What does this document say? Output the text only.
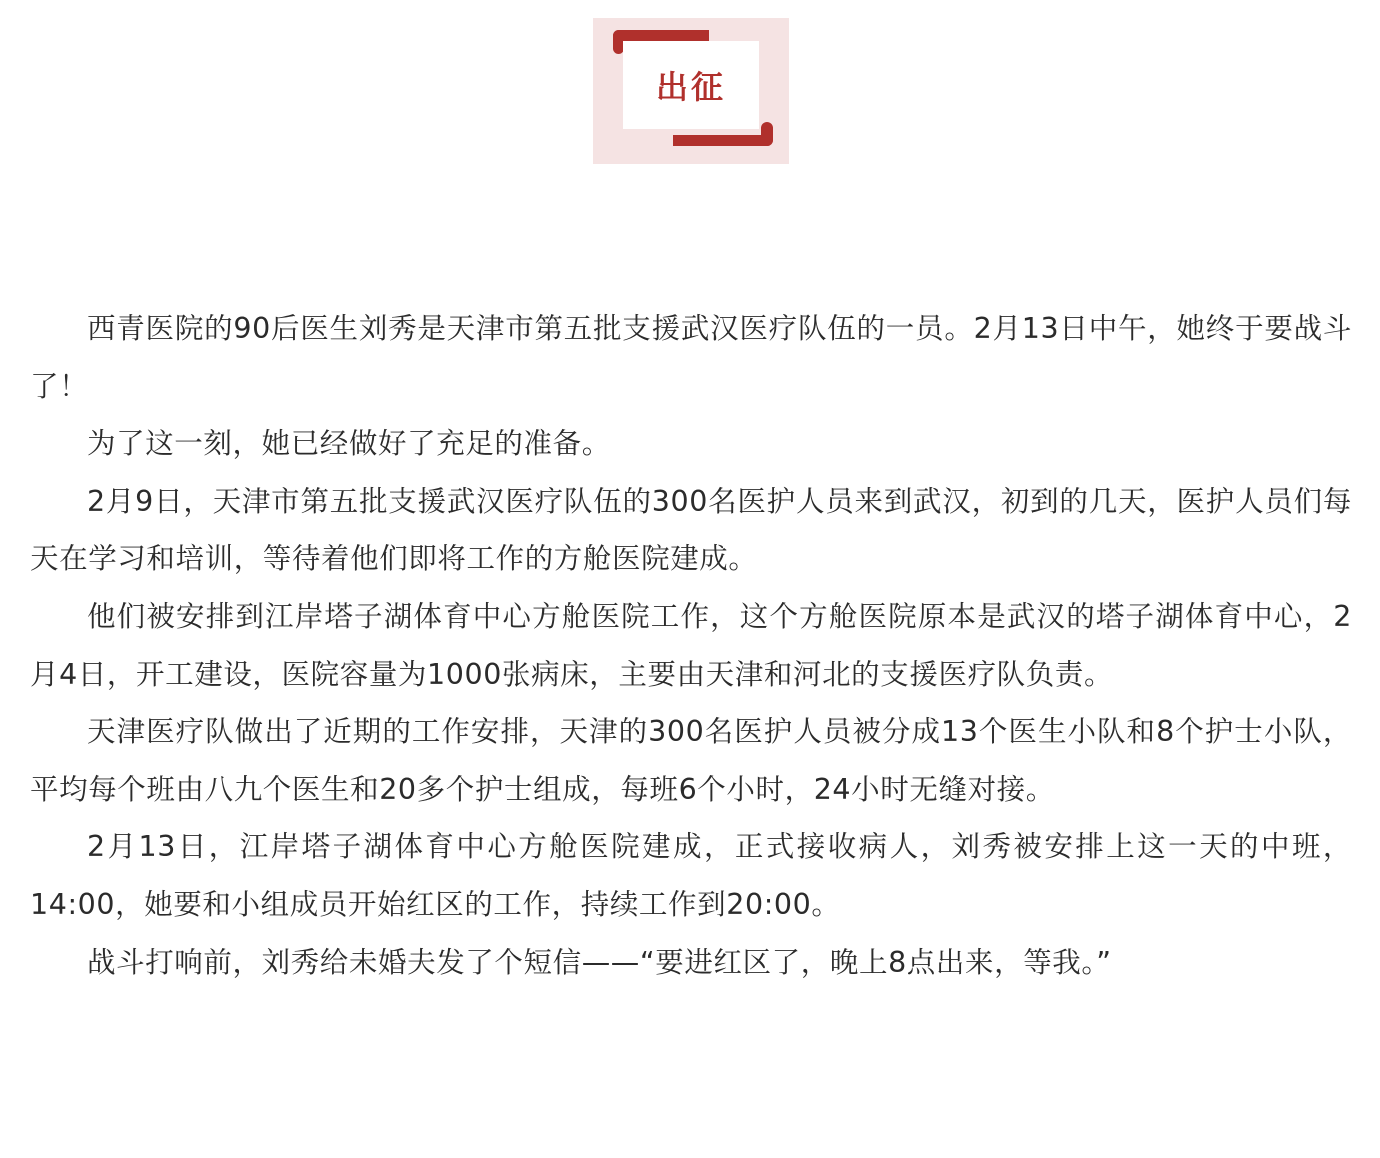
出征

西青医院的90后医生刘秀是天津市第五批支援武汉医疗队伍的一员。2月13日中午，她终于要战斗了！

为了这一刻，她已经做好了充足的准备。

2月9日，天津市第五批支援武汉医疗队伍的300名医护人员来到武汉，初到的几天，医护人员们每天在学习和培训，等待着他们即将工作的方舱医院建成。

他们被安排到江岸塔子湖体育中心方舱医院工作，这个方舱医院原本是武汉的塔子湖体育中心，2月4日，开工建设，医院容量为1000张病床，主要由天津和河北的支援医疗队负责。

天津医疗队做出了近期的工作安排，天津的300名医护人员被分成13个医生小队和8个护士小队，平均每个班由八九个医生和20多个护士组成，每班6个小时，24小时无缝对接。

2月13日，江岸塔子湖体育中心方舱医院建成，正式接收病人，刘秀被安排上这一天的中班，14:00，她要和小组成员开始红区的工作，持续工作到20:00。

战斗打响前，刘秀给未婚夫发了个短信——“要进红区了，晚上8点出来，等我。”
